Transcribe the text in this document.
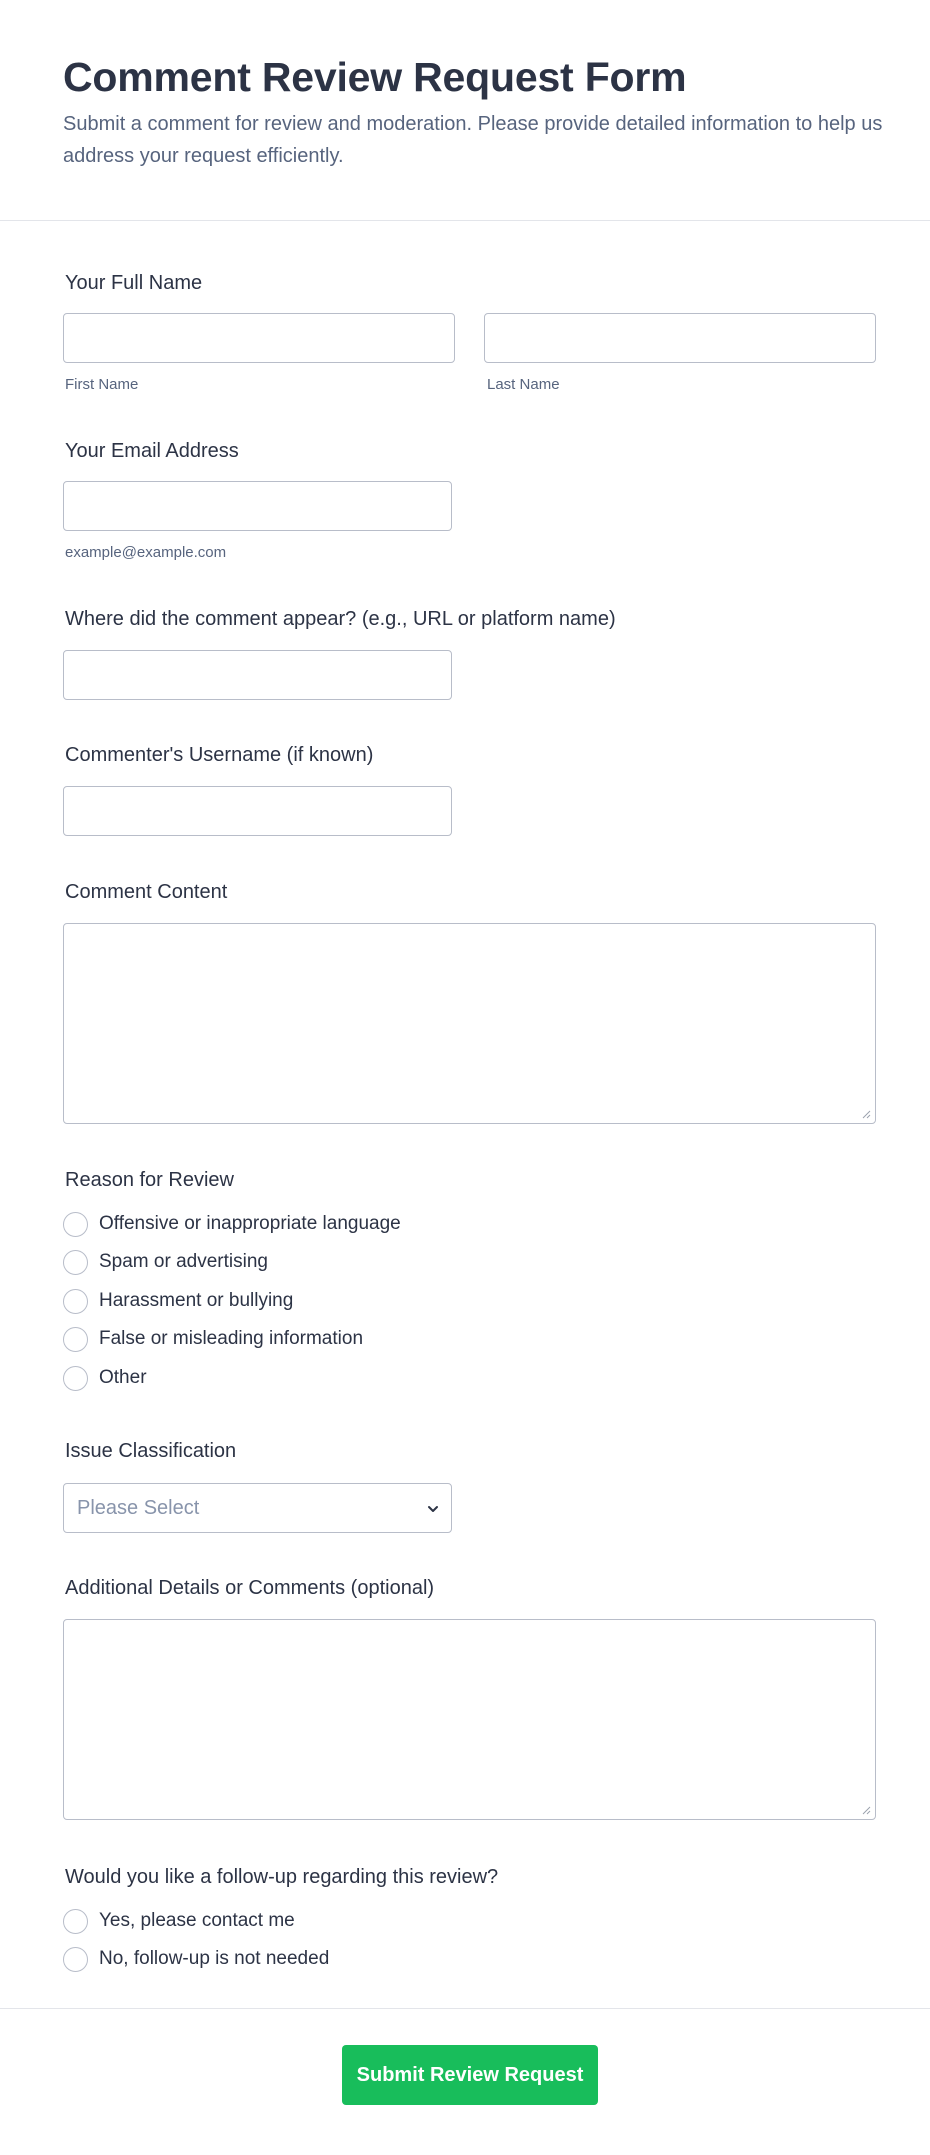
Comment Review Request Form

Submit a comment for review and moderation. Please provide detailed information to help us address your request efficiently.

Your Full Name
First Name	Last Name
Your Email Address
example@example.com
Where did the comment appear? (e.g., URL or platform name)
Commenter's Username (if known)
Comment Content
Reason for Review
Offensive or inappropriate language
Spam or advertising
Harassment or bullying
False or misleading information
Other
Issue Classification
Please Select
Additional Details or Comments (optional)
Would you like a follow-up regarding this review?
Yes, please contact me
No, follow-up is not needed
Submit Review Request
